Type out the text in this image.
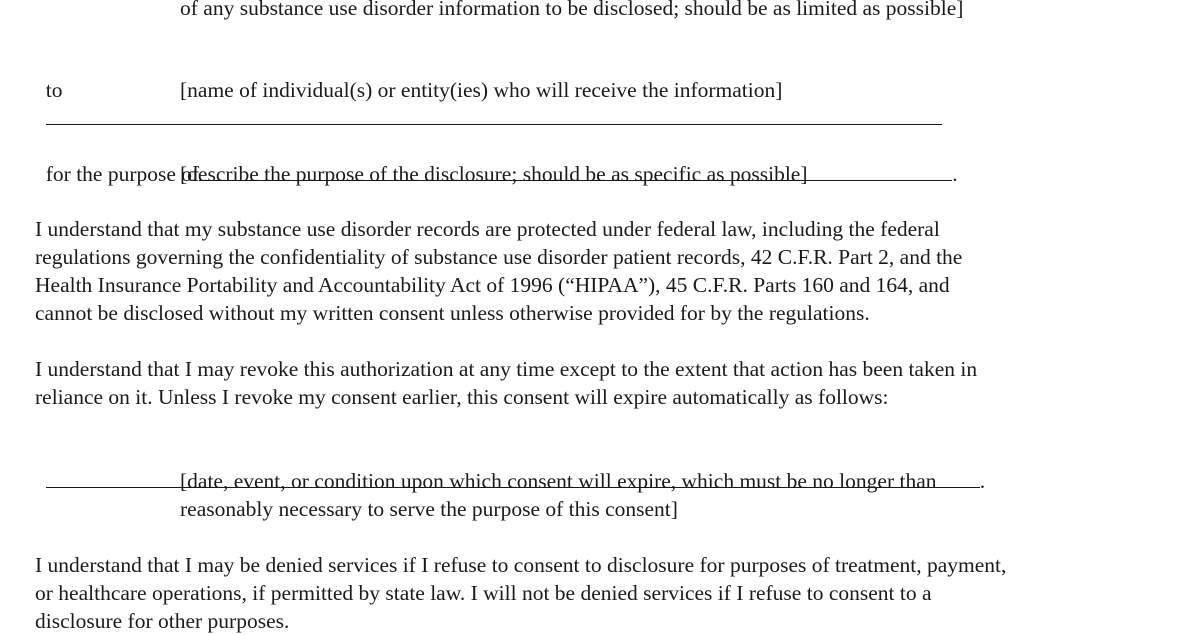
of any substance use disorder information to be disclosed; should be as limited as possible]

to
	[name of individual(s) or entity(ies) who will receive the information]

for the purpose of	.

[describe the purpose of the disclosure; should be as specific as possible]
I understand that my substance use disorder records are protected under federal law, including the federal
regulations governing the confidentiality of substance use disorder patient records, 42 C.F.R. Part 2, and the
Health Insurance Portability and Accountability Act of 1996 (“HIPAA”), 45 C.F.R. Parts 160 and 164, and
cannot be disclosed without my written consent unless otherwise provided for by the regulations.
I understand that I may revoke this authorization at any time except to the extent that action has been taken in
reliance on it. Unless I revoke my consent earlier, this consent will expire automatically as follows:

.

[date, event, or condition upon which consent will expire, which must be no longer than
reasonably necessary to serve the purpose of this consent]
I understand that I may be denied services if I refuse to consent to disclosure for purposes of treatment, payment,
or healthcare operations, if permitted by state law. I will not be denied services if I refuse to consent to a
disclosure for other purposes.
